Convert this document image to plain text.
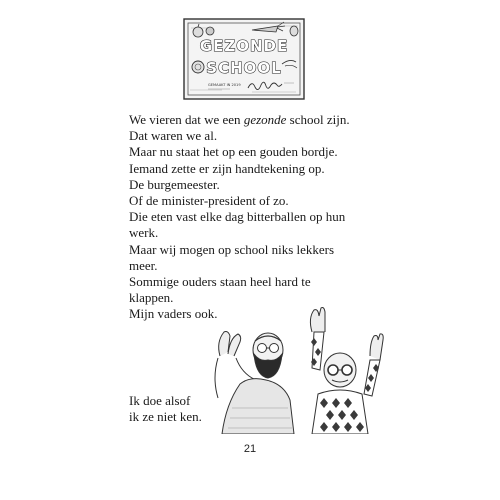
GEZONDE
SCHOOL
GEMAAKT IN 2019

We vieren dat we een gezonde school zijn.

Dat waren we al.

Maar nu staat het op een gouden bordje.

Iemand zette er zijn handtekening op.

De burgemeester.

Of de minister-president of zo.

Die eten vast elke dag bitterballen op hun

werk.

Maar wij mogen op school niks lekkers

meer.

Sommige ouders staan heel hard te

klappen.

Mijn vaders ook.

Ik doe alsof

ik ze niet ken.

21
